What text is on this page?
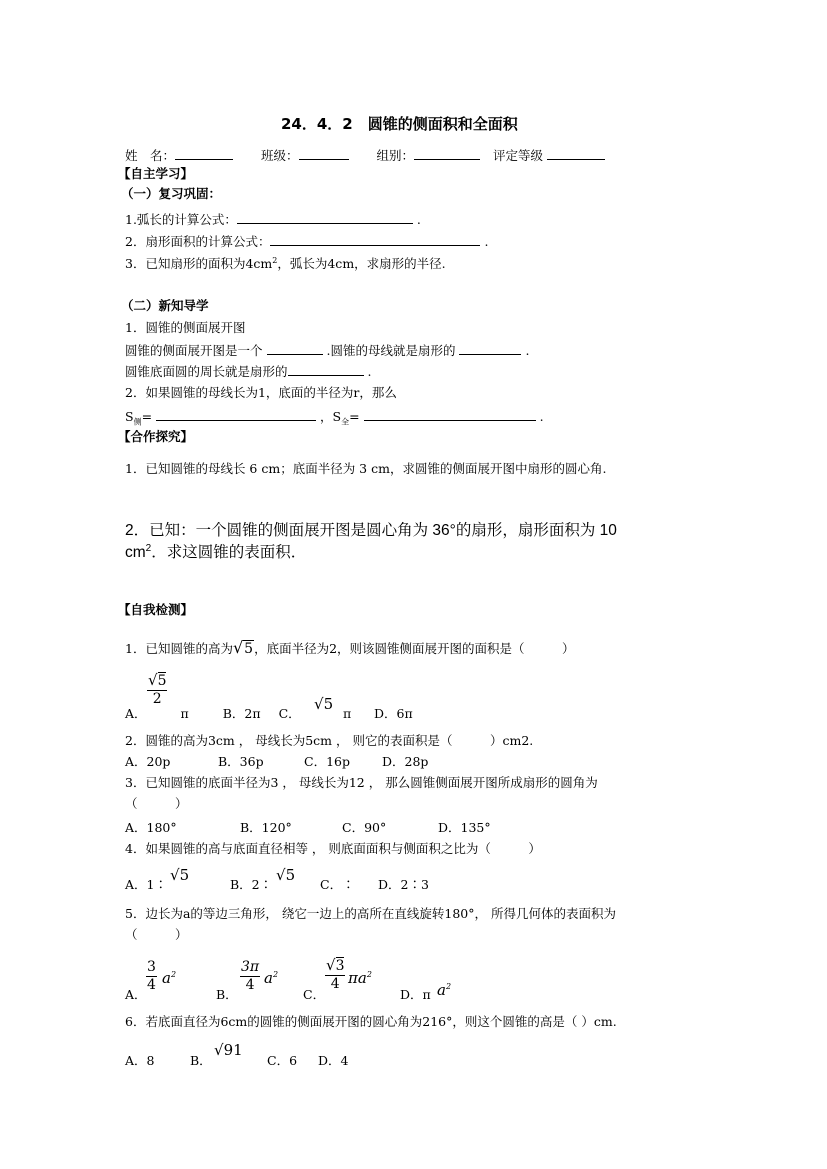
24．4．2　圆锥的侧面积和全面积
姓　名：	班级：	组别：	评定等级
【自主学习】
（一）复习巩固：
1.弧长的计算公式：	.
2．扇形面积的计算公式：	.
3．已知扇形的面积为$4cm^2$，弧长为4cm，求扇形的半径.
（二）新知导学
1．圆锥的侧面展开图
圆锥的侧面展开图是一个	.圆锥的母线就是扇形的	.
圆锥底面圆的周长就是扇形的	.
2．如果圆锥的母线长为1，底面的半径为r，那么
$S_侧=$	，$S_全=$	.
【合作探究】
1．已知圆锥的母线长 6 cm；底面半径为 3 cm，求圆锥的侧面展开图中扇形的圆心角.
2．已知：一个圆锥的侧面展开图是圆心角为 36°的扇形，扇形面积为 10
$cm^2$．求这圆锥的表面积．
【自我检测】
1．已知圆锥的高为√5，底面半径为2，则该圆锥侧面展开图的面积是（　　　）
$\frac{√5}{2}$
A．	π	B．2π C．
√5
π D．6π
2．圆锥的高为3cm ， 母线长为5cm ， 则它的表面积是（　　　）cm2.
A．20p	B．36p	C．16p	D．28p
3．已知圆锥的底面半径为3 ， 母线长为12 ， 那么圆锥侧面展开图所成扇形的圆角为
（　　　）
A．180°	B．120°	C．90°	D．135°
4．如果圆锥的高与底面直径相等 ， 则底面面积与侧面积之比为（　　　）
A．1∶
√5
B．2∶
√5
C．∶ D．2∶3
5．边长为a的等边三角形， 绕它一边上的高所在直线旋转180°， 所得几何体的表面积为
（　　　）
A．
$\frac{3}{4} a^2$
B．
$\frac{3\pi}{4} a^2$
C．
$\frac{√3}{4} \pi a^2$
D．π $a^2$
6．若底面直径为6cm的圆锥的侧面展开图的圆心角为216°，则这个圆锥的高是（ ）cm.
A．8	B．
√91
C．6 D．4
